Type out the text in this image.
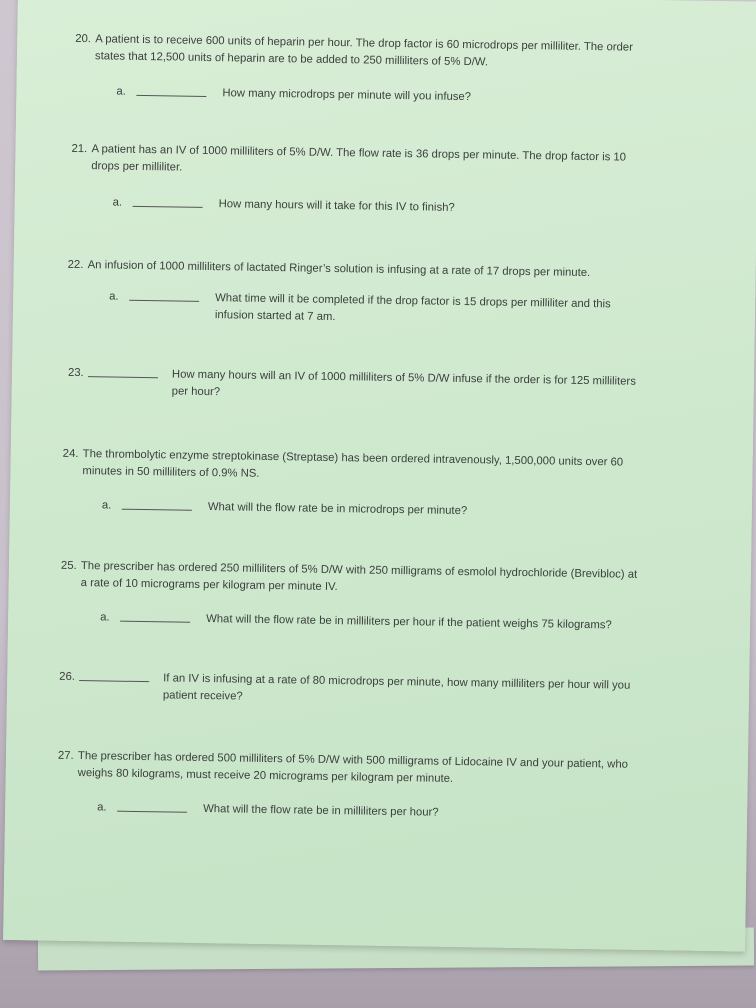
20. A patient is to receive 600 units of heparin per hour. The drop factor is 60 microdrops per milliliter. The order
states that 12,500 units of heparin are to be added to 250 milliliters of 5% D/W.
a.	How many microdrops per minute will you infuse?
21. A patient has an IV of 1000 milliliters of 5% D/W. The flow rate is 36 drops per minute. The drop factor is 10
drops per milliliter.
a.	How many hours will it take for this IV to finish?
22. An infusion of 1000 milliliters of lactated Ringer’s solution is infusing at a rate of 17 drops per minute.
a.	What time will it be completed if the drop factor is 15 drops per milliliter and this
infusion started at 7 am.
23.	How many hours will an IV of 1000 milliliters of 5% D/W infuse if the order is for 125 milliliters
per hour?
24. The thrombolytic enzyme streptokinase (Streptase) has been ordered intravenously, 1,500,000 units over 60
minutes in 50 milliliters of 0.9% NS.
a.	What will the flow rate be in microdrops per minute?
25. The prescriber has ordered 250 milliliters of 5% D/W with 250 milligrams of esmolol hydrochloride (Brevibloc) at
a rate of 10 micrograms per kilogram per minute IV.
a.	What will the flow rate be in milliliters per hour if the patient weighs 75 kilograms?
26.	If an IV is infusing at a rate of 80 microdrops per minute, how many milliliters per hour will you
patient receive?
27. The prescriber has ordered 500 milliliters of 5% D/W with 500 milligrams of Lidocaine IV and your patient, who
weighs 80 kilograms, must receive 20 micrograms per kilogram per minute.
a.	What will the flow rate be in milliliters per hour?
